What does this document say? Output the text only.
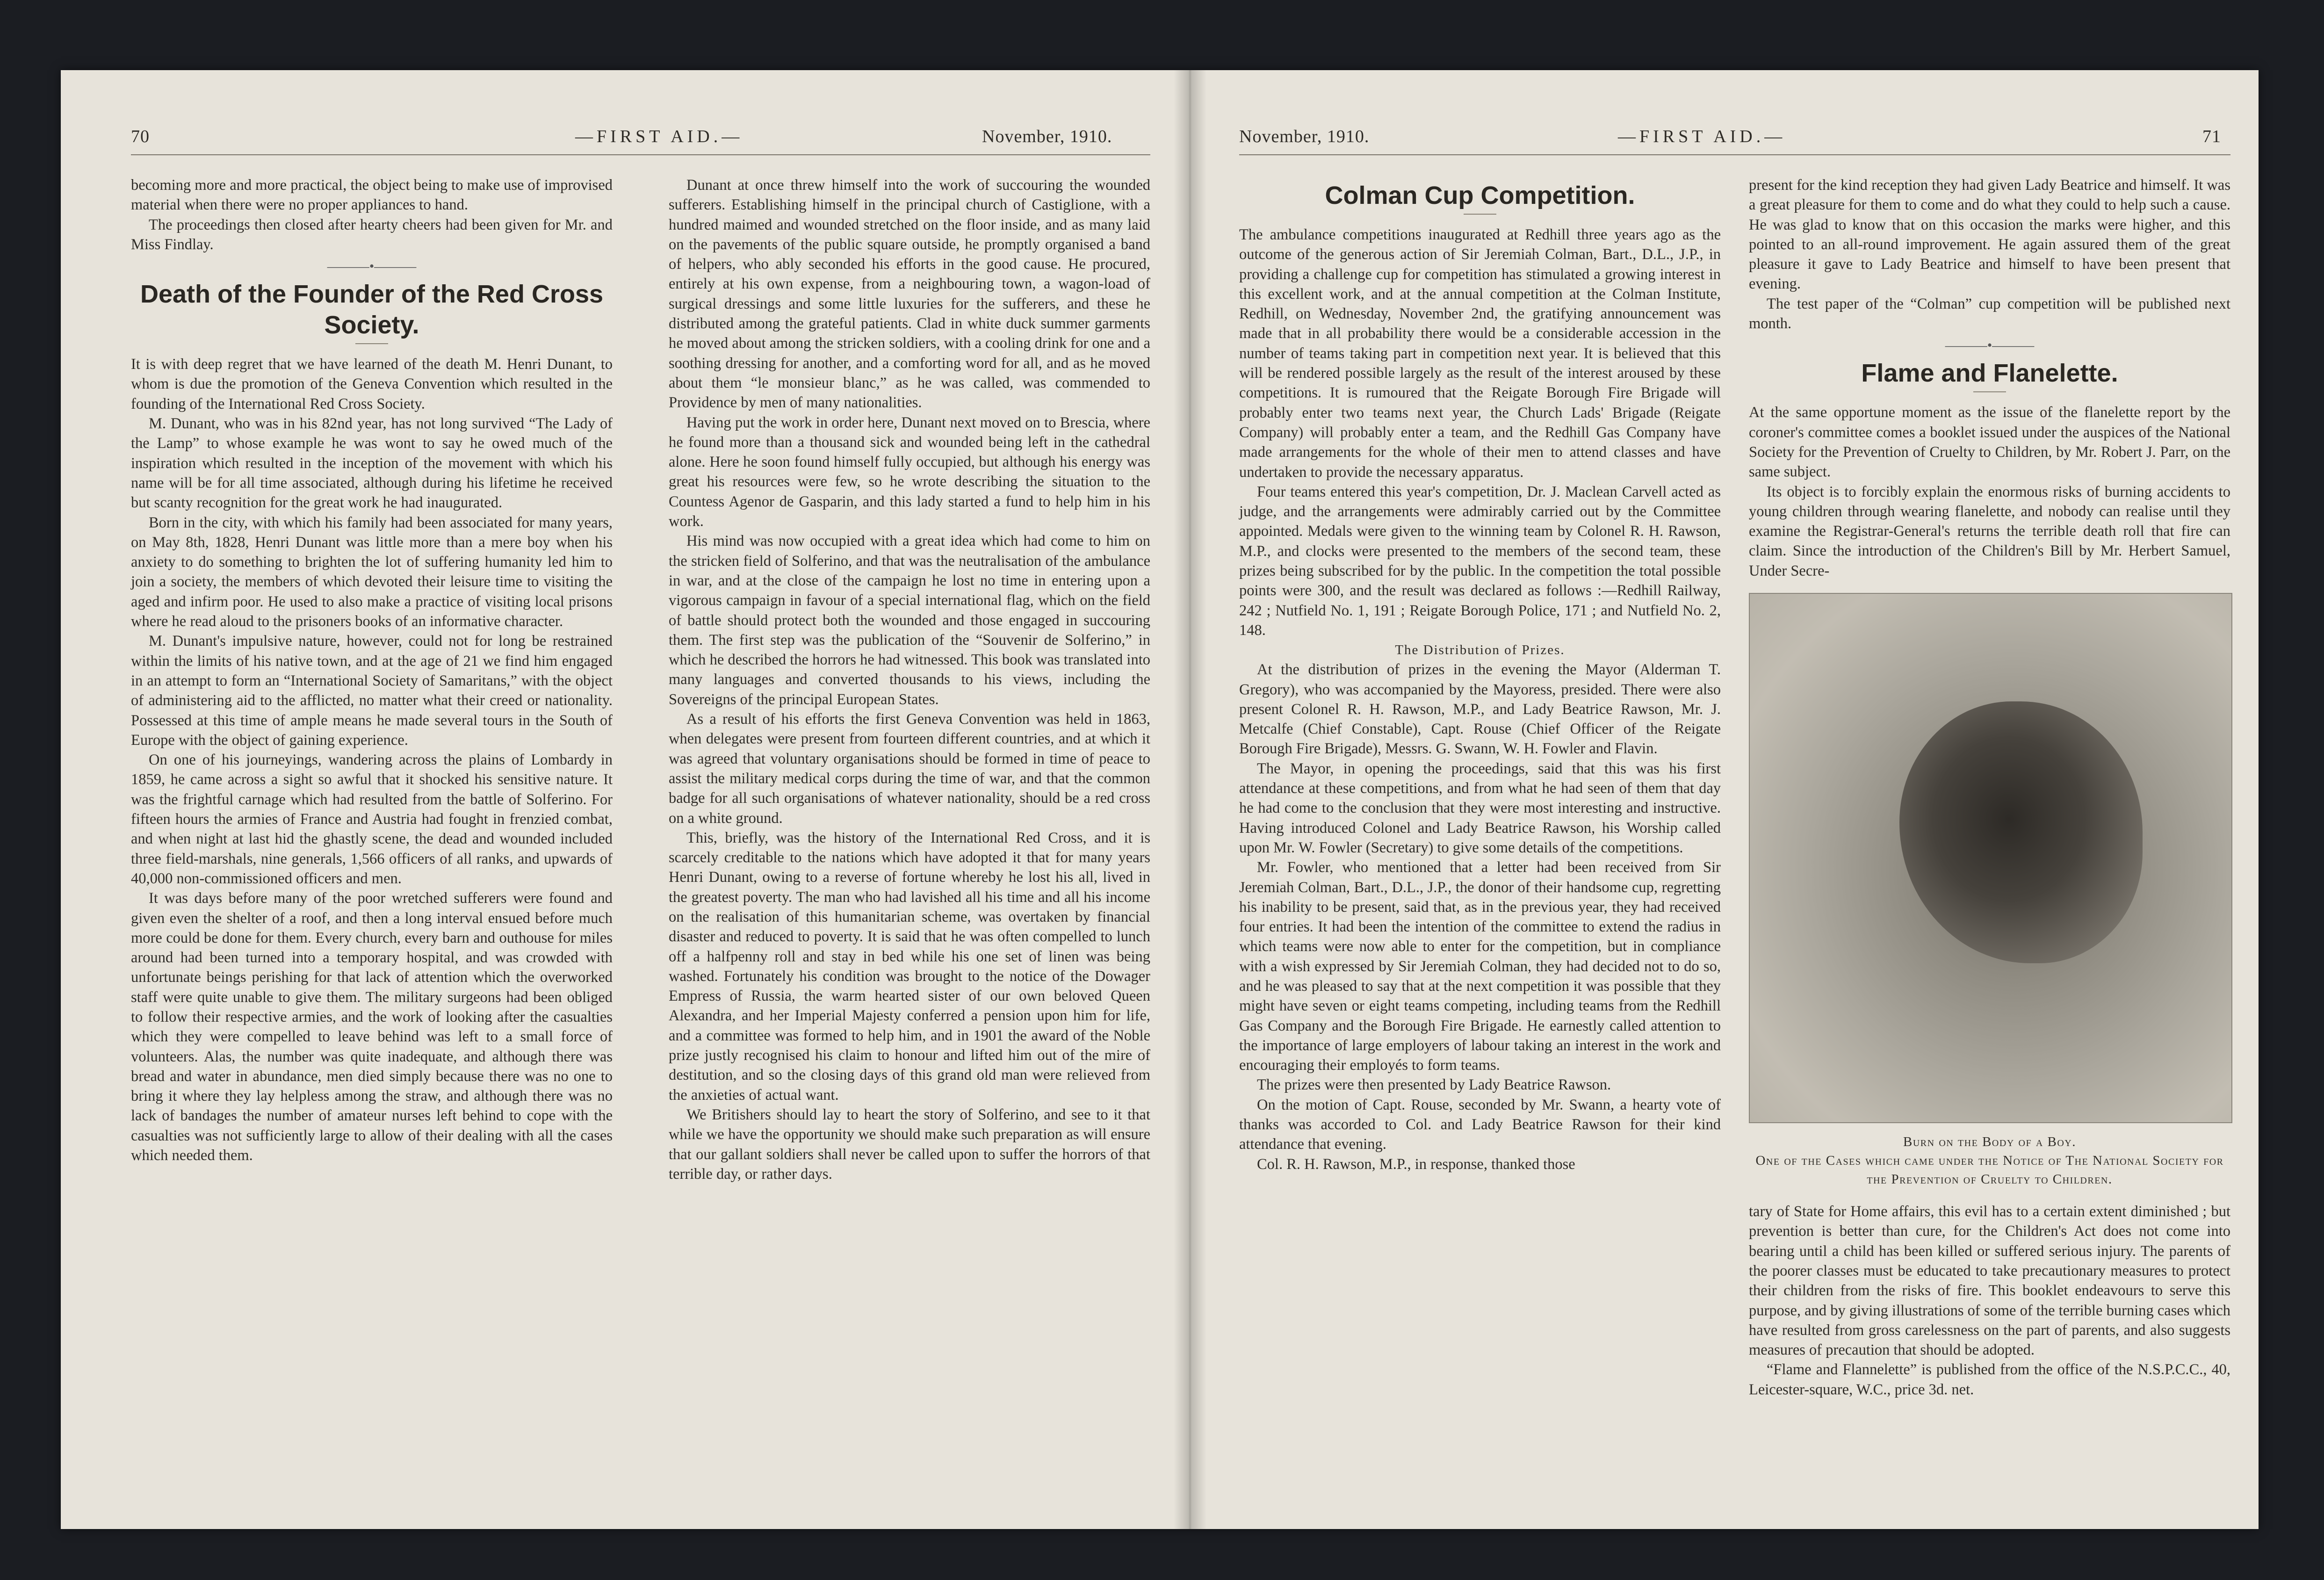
70	—FIRST AID.—	November, 1910.

becoming more and more practical, the object being to make use of improvised material when there were no proper appliances to hand.

The proceedings then closed after hearty cheers had been given for Mr. and Miss Findlay.

———•———
Death of the Founder of the Red Cross Society.

It is with deep regret that we have learned of the death M. Henri Dunant, to whom is due the promotion of the Geneva Convention which resulted in the founding of the International Red Cross Society.

M. Dunant, who was in his 82nd year, has not long survived “The Lady of the Lamp” to whose example he was wont to say he owed much of the inspiration which resulted in the inception of the movement with which his name will be for all time associated, although during his lifetime he received but scanty recognition for the great work he had inaugurated.

Born in the city, with which his family had been associated for many years, on May 8th, 1828, Henri Dunant was little more than a mere boy when his anxiety to do something to brighten the lot of suffering humanity led him to join a society, the members of which devoted their leisure time to visiting the aged and infirm poor. He used to also make a practice of visiting local prisons where he read aloud to the prisoners books of an informative character.

M. Dunant's impulsive nature, however, could not for long be restrained within the limits of his native town, and at the age of 21 we find him engaged in an attempt to form an “International Society of Samaritans,” with the object of administering aid to the afflicted, no matter what their creed or nationality. Possessed at this time of ample means he made several tours in the South of Europe with the object of gaining experience.

On one of his journeyings, wandering across the plains of Lombardy in 1859, he came across a sight so awful that it shocked his sensitive nature. It was the frightful carnage which had resulted from the battle of Solferino. For fifteen hours the armies of France and Austria had fought in frenzied combat, and when night at last hid the ghastly scene, the dead and wounded included three field-marshals, nine generals, 1,566 officers of all ranks, and upwards of 40,000 non-commissioned officers and men.

It was days before many of the poor wretched sufferers were found and given even the shelter of a roof, and then a long interval ensued before much more could be done for them. Every church, every barn and outhouse for miles around had been turned into a temporary hospital, and was crowded with unfortunate beings perishing for that lack of attention which the overworked staff were quite unable to give them. The military surgeons had been obliged to follow their respective armies, and the work of looking after the casualties which they were compelled to leave behind was left to a small force of volunteers. Alas, the number was quite inadequate, and although there was bread and water in abundance, men died simply because there was no one to bring it where they lay helpless among the straw, and although there was no lack of bandages the number of amateur nurses left behind to cope with the casualties was not sufficiently large to allow of their dealing with all the cases which needed them.

Dunant at once threw himself into the work of succouring the wounded sufferers. Establishing himself in the principal church of Castiglione, with a hundred maimed and wounded stretched on the floor inside, and as many laid on the pavements of the public square outside, he promptly organised a band of helpers, who ably seconded his efforts in the good cause. He procured, entirely at his own expense, from a neighbouring town, a wagon-load of surgical dressings and some little luxuries for the sufferers, and these he distributed among the grateful patients. Clad in white duck summer garments he moved about among the stricken soldiers, with a cooling drink for one and a soothing dressing for another, and a comforting word for all, and as he moved about them “le monsieur blanc,” as he was called, was commended to Providence by men of many nationalities.

Having put the work in order here, Dunant next moved on to Brescia, where he found more than a thousand sick and wounded being left in the cathedral alone. Here he soon found himself fully occupied, but although his energy was great his resources were few, so he wrote describing the situation to the Countess Agenor de Gasparin, and this lady started a fund to help him in his work.

His mind was now occupied with a great idea which had come to him on the stricken field of Solferino, and that was the neutralisation of the ambulance in war, and at the close of the campaign he lost no time in entering upon a vigorous campaign in favour of a special international flag, which on the field of battle should protect both the wounded and those engaged in succouring them. The first step was the publication of the “Souvenir de Solferino,” in which he described the horrors he had witnessed. This book was translated into many languages and converted thousands to his views, including the Sovereigns of the principal European States.

As a result of his efforts the first Geneva Convention was held in 1863, when delegates were present from fourteen different countries, and at which it was agreed that voluntary organisations should be formed in time of peace to assist the military medical corps during the time of war, and that the common badge for all such organisations of whatever nationality, should be a red cross on a white ground.

This, briefly, was the history of the International Red Cross, and it is scarcely creditable to the nations which have adopted it that for many years Henri Dunant, owing to a reverse of fortune whereby he lost his all, lived in the greatest poverty. The man who had lavished all his time and all his income on the realisation of this humanitarian scheme, was overtaken by financial disaster and reduced to poverty. It is said that he was often compelled to lunch off a halfpenny roll and stay in bed while his one set of linen was being washed. Fortunately his condition was brought to the notice of the Dowager Empress of Russia, the warm hearted sister of our own beloved Queen Alexandra, and her Imperial Majesty conferred a pension upon him for life, and a committee was formed to help him, and in 1901 the award of the Noble prize justly recognised his claim to honour and lifted him out of the mire of destitution, and so the closing days of this grand old man were relieved from the anxieties of actual want.

We Britishers should lay to heart the story of Solferino, and see to it that while we have the opportunity we should make such preparation as will ensure that our gallant soldiers shall never be called upon to suffer the horrors of that terrible day, or rather days.

November, 1910.	—FIRST AID.—	71
Colman Cup Competition.

The ambulance competitions inaugurated at Redhill three years ago as the outcome of the generous action of Sir Jeremiah Colman, Bart., D.L., J.P., in providing a challenge cup for competition has stimulated a growing interest in this excellent work, and at the annual competition at the Colman Institute, Redhill, on Wednesday, November 2nd, the gratifying announcement was made that in all probability there would be a considerable accession in the number of teams taking part in competition next year. It is believed that this will be rendered possible largely as the result of the interest aroused by these competitions. It is rumoured that the Reigate Borough Fire Brigade will probably enter two teams next year, the Church Lads' Brigade (Reigate Company) will probably enter a team, and the Redhill Gas Company have made arrangements for the whole of their men to attend classes and have undertaken to provide the necessary apparatus.

Four teams entered this year's competition, Dr. J. Maclean Carvell acted as judge, and the arrangements were admirably carried out by the Committee appointed. Medals were given to the winning team by Colonel R. H. Rawson, M.P., and clocks were presented to the members of the second team, these prizes being subscribed for by the public. In the competition the total possible points were 300, and the result was declared as follows :—Redhill Railway, 242 ; Nutfield No. 1, 191 ; Reigate Borough Police, 171 ; and Nutfield No. 2, 148.

The Distribution of Prizes.

At the distribution of prizes in the evening the Mayor (Alderman T. Gregory), who was accompanied by the Mayoress, presided. There were also present Colonel R. H. Rawson, M.P., and Lady Beatrice Rawson, Mr. J. Metcalfe (Chief Constable), Capt. Rouse (Chief Officer of the Reigate Borough Fire Brigade), Messrs. G. Swann, W. H. Fowler and Flavin.

The Mayor, in opening the proceedings, said that this was his first attendance at these competitions, and from what he had seen of them that day he had come to the conclusion that they were most interesting and instructive. Having introduced Colonel and Lady Beatrice Rawson, his Worship called upon Mr. W. Fowler (Secretary) to give some details of the competitions.

Mr. Fowler, who mentioned that a letter had been received from Sir Jeremiah Colman, Bart., D.L., J.P., the donor of their handsome cup, regretting his inability to be present, said that, as in the previous year, they had received four entries. It had been the intention of the committee to extend the radius in which teams were now able to enter for the competition, but in compliance with a wish expressed by Sir Jeremiah Colman, they had decided not to do so, and he was pleased to say that at the next competition it was possible that they might have seven or eight teams competing, including teams from the Redhill Gas Company and the Borough Fire Brigade. He earnestly called attention to the importance of large employers of labour taking an interest in the work and encouraging their employés to form teams.

The prizes were then presented by Lady Beatrice Rawson.

On the motion of Capt. Rouse, seconded by Mr. Swann, a hearty vote of thanks was accorded to Col. and Lady Beatrice Rawson for their kind attendance that evening.

Col. R. H. Rawson, M.P., in response, thanked those

present for the kind reception they had given Lady Beatrice and himself. It was a great pleasure for them to come and do what they could to help such a cause. He was glad to know that on this occasion the marks were higher, and this pointed to an all-round improvement. He again assured them of the great pleasure it gave to Lady Beatrice and himself to have been present that evening.

The test paper of the “Colman” cup competition will be published next month.

———•———
Flame and Flanelette.

At the same opportune moment as the issue of the flanelette report by the coroner's committee comes a booklet issued under the auspices of the National Society for the Prevention of Cruelty to Children, by Mr. Robert J. Parr, on the same subject.

Its object is to forcibly explain the enormous risks of burning accidents to young children through wearing flanelette, and nobody can realise until they examine the Registrar-General's returns the terrible death roll that fire can claim. Since the introduction of the Children's Bill by Mr. Herbert Samuel, Under Secre-

Burn on the Body of a Boy.
One of the Cases which came under the Notice of The National Society for the Prevention of Cruelty to Children.

tary of State for Home affairs, this evil has to a certain extent diminished ; but prevention is better than cure, for the Children's Act does not come into bearing until a child has been killed or suffered serious injury. The parents of the poorer classes must be educated to take precautionary measures to protect their children from the risks of fire. This booklet endeavours to serve this purpose, and by giving illustrations of some of the terrible burning cases which have resulted from gross carelessness on the part of parents, and also suggests measures of precaution that should be adopted.

“Flame and Flannelette” is published from the office of the N.S.P.C.C., 40, Leicester-square, W.C., price 3d. net.
